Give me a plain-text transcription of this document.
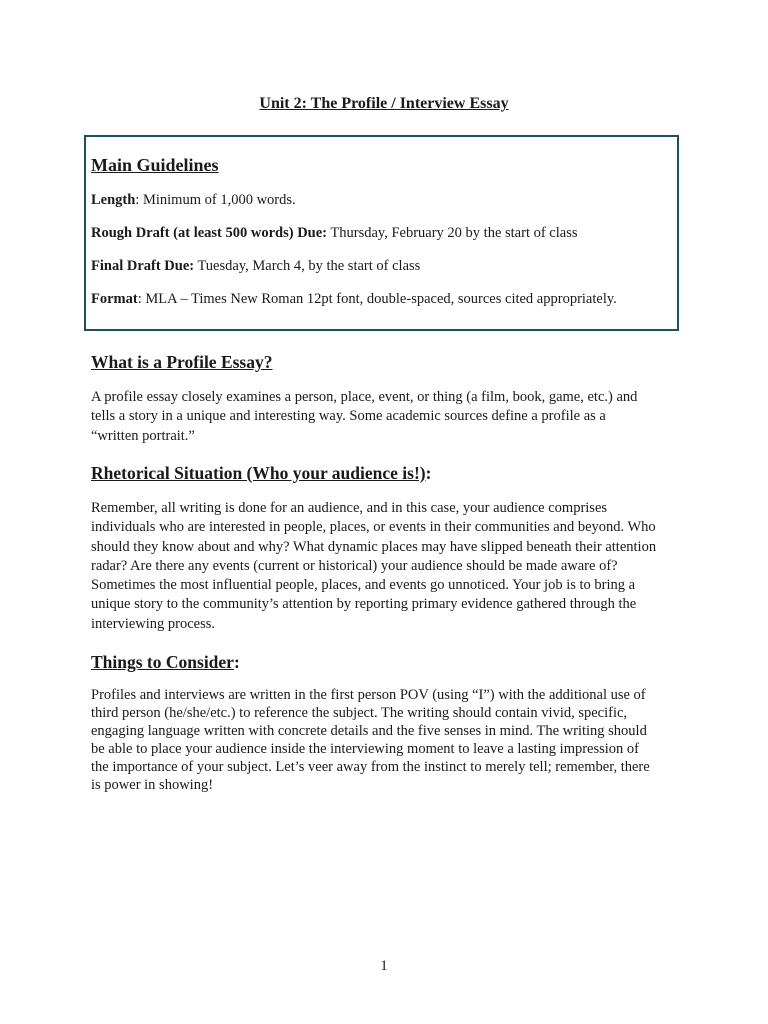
Unit 2: The Profile / Interview Essay
Main Guidelines
Length: Minimum of 1,000 words.
Rough Draft (at least 500 words) Due: Thursday, February 20 by the start of class
Final Draft Due: Tuesday, March 4, by the start of class
Format: MLA – Times New Roman 12pt font, double-spaced, sources cited appropriately.
What is a Profile Essay?
A profile essay closely examines a person, place, event, or thing (a film, book, game, etc.) and
tells a story in a unique and interesting way. Some academic sources define a profile as a
“written portrait.”
Rhetorical Situation (Who your audience is!):
Remember, all writing is done for an audience, and in this case, your audience comprises
individuals who are interested in people, places, or events in their communities and beyond. Who
should they know about and why? What dynamic places may have slipped beneath their attention
radar? Are there any events (current or historical) your audience should be made aware of?
Sometimes the most influential people, places, and events go unnoticed. Your job is to bring a
unique story to the community’s attention by reporting primary evidence gathered through the
interviewing process.
Things to Consider:
Profiles and interviews are written in the first person POV (using “I”) with the additional use of
third person (he/she/etc.) to reference the subject. The writing should contain vivid, specific,
engaging language written with concrete details and the five senses in mind. The writing should
be able to place your audience inside the interviewing moment to leave a lasting impression of
the importance of your subject. Let’s veer away from the instinct to merely tell; remember, there
is power in showing!
1
